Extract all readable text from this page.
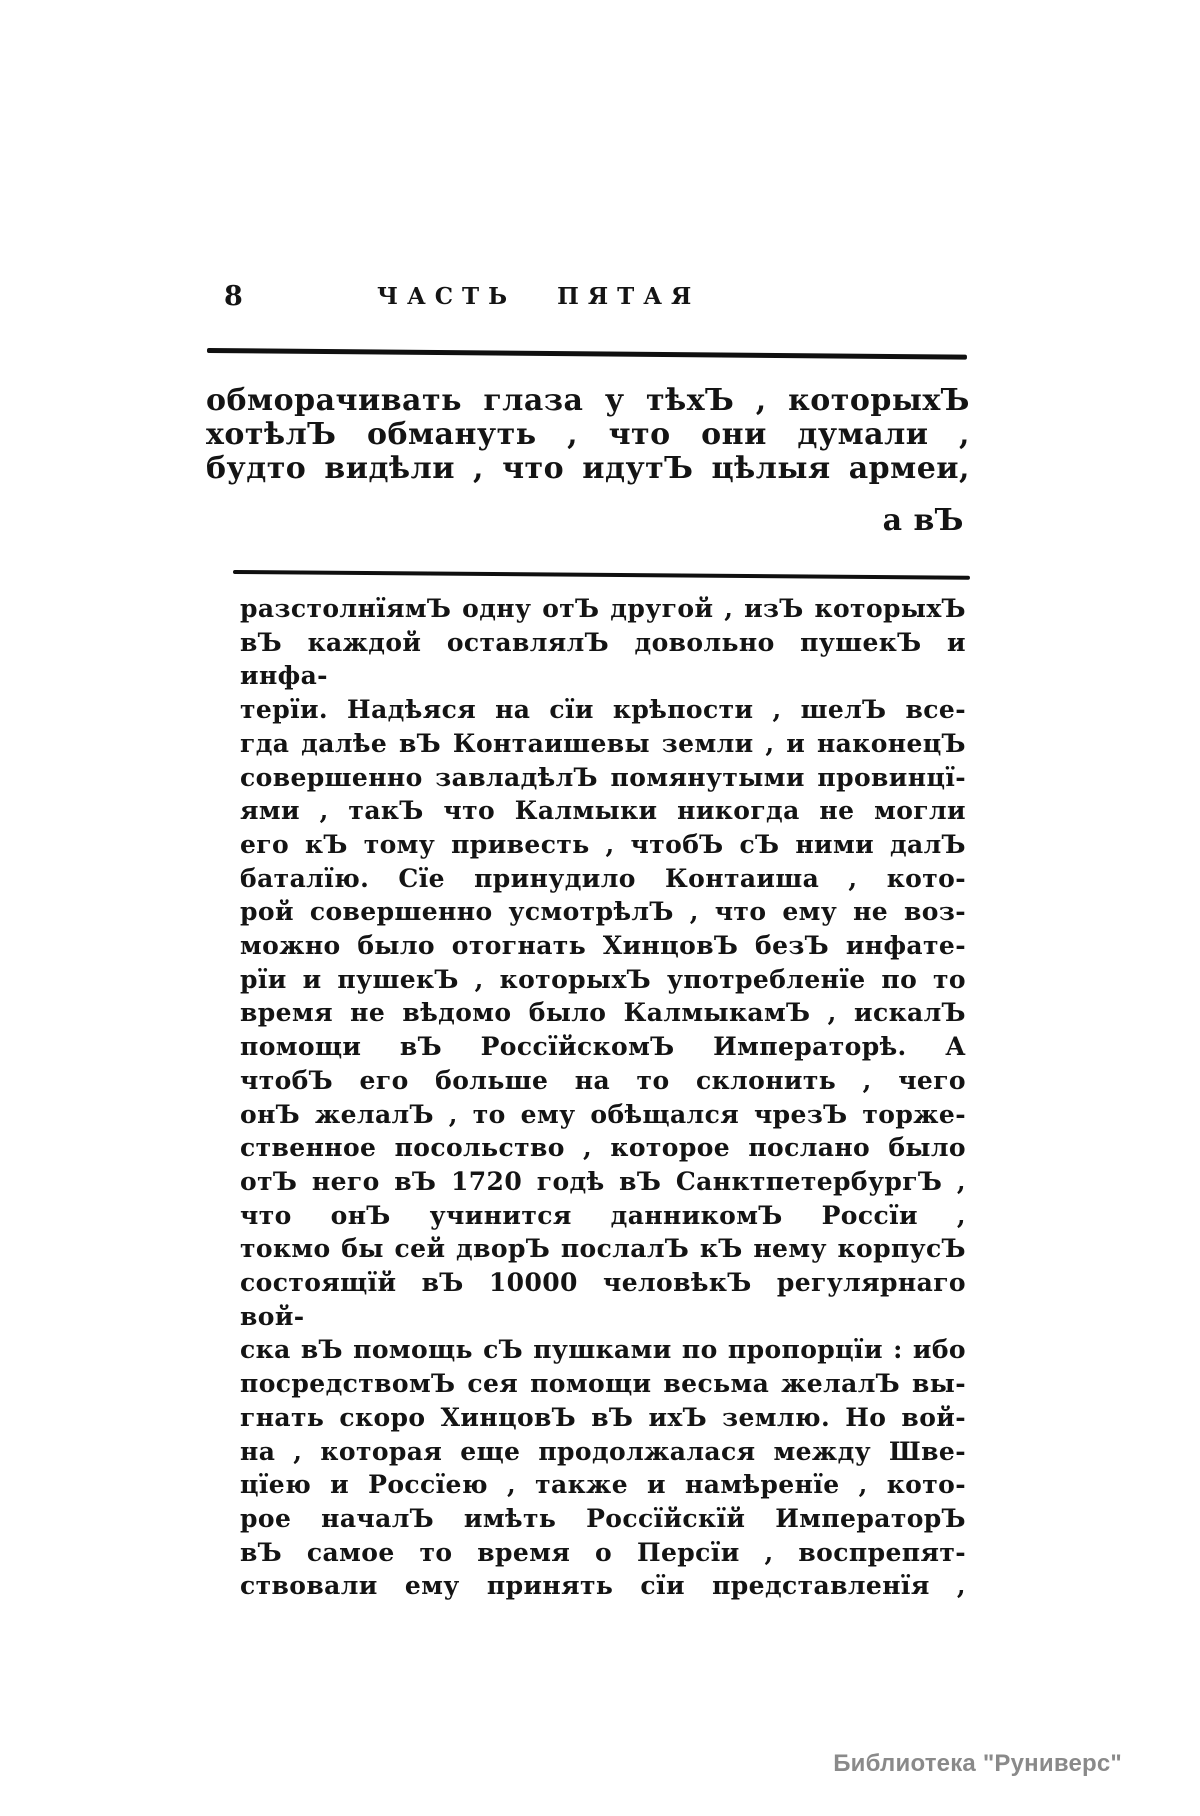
8	ЧАСТЬ ПЯТАЯ
обморачивать глаза у тѣхЪ , которыхЪ
хотѣлЪ обмануть , что они думали ,
будто видѣли , что идутЪ цѣлыя армеи,
а вЪ
разстолнїямЪ одну отЪ другой , изЪ которыхЪ
вЪ каждой оставлялЪ довольно пушекЪ и инфа-
терїи. Надѣяся на сїи крѣпости , шелЪ все-
гда далѣе вЪ Контаишевы земли , и наконецЪ
совершенно завладѣлЪ помянутыми провинцї-
ями , такЪ что Калмыки никогда не могли
его кЪ тому привесть , чтобЪ сЪ ними далЪ
баталїю. Сїе принудило Контаиша , кото-
рой совершенно усмотрѣлЪ , что ему не воз-
можно было отогнать ХинцовЪ безЪ инфате-
рїи и пушекЪ , которыхЪ употребленїе по то
время не вѣдомо было КалмыкамЪ , искалЪ
помощи вЪ РоссїйскомЪ Императорѣ. А
чтобЪ его больше на то склонить , чего
онЪ желалЪ , то ему обѣщался чрезЪ торже-
ственное посольство , которое послано было
отЪ него вЪ 1720 годѣ вЪ СанктпетербургЪ ,
что онЪ учинится данникомЪ Россїи ,
токмо бы сей дворЪ послалЪ кЪ нему корпусЪ
состоящїй вЪ 10000 человѣкЪ регулярнаго вой-
ска вЪ помощь сЪ пушками по пропорцїи : ибо
посредствомЪ сея помощи весьма желалЪ вы-
гнать скоро ХинцовЪ вЪ ихЪ землю. Но вой-
на , которая еще продолжалася между Шве-
цїею и Россїею , также и намѣренїе , кото-
рое началЪ имѣть Россїйскїй ИмператорЪ
вЪ самое то время о Персїи , воспрепят-
ствовали ему принять сїи представленїя ,
Библиотека "Руниверс"
